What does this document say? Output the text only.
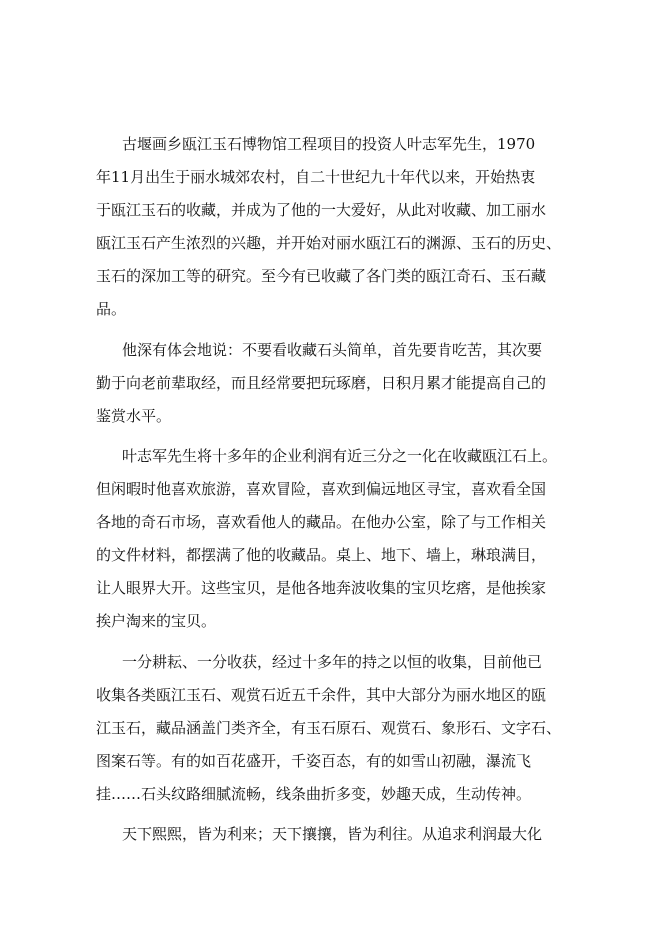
古堰画乡瓯江玉石博物馆工程项目的投资人叶志军先生，1970
年11月出生于丽水城郊农村，自二十世纪九十年代以来，开始热衷
于瓯江玉石的收藏，并成为了他的一大爱好，从此对收藏、加工丽水
瓯江玉石产生浓烈的兴趣，并开始对丽水瓯江石的渊源、玉石的历史、
玉石的深加工等的研究。至今有已收藏了各门类的瓯江奇石、玉石藏
品。
他深有体会地说：不要看收藏石头简单，首先要肯吃苦，其次要
勤于向老前辈取经，而且经常要把玩琢磨，日积月累才能提高自己的
鉴赏水平。
叶志军先生将十多年的企业利润有近三分之一化在收藏瓯江石上。
但闲暇时他喜欢旅游，喜欢冒险，喜欢到偏远地区寻宝，喜欢看全国
各地的奇石市场，喜欢看他人的藏品。在他办公室，除了与工作相关
的文件材料，都摆满了他的收藏品。桌上、地下、墙上，琳琅满目，
让人眼界大开。这些宝贝，是他各地奔波收集的宝贝圪瘩，是他挨家
挨户淘来的宝贝。
一分耕耘、一分收获，经过十多年的持之以恒的收集，目前他已
收集各类瓯江玉石、观赏石近五千余件，其中大部分为丽水地区的瓯
江玉石，藏品涵盖门类齐全，有玉石原石、观赏石、象形石、文字石、
图案石等。有的如百花盛开，千姿百态，有的如雪山初融，瀑流飞
挂……石头纹路细腻流畅，线条曲折多变，妙趣天成，生动传神。
天下熙熙，皆为利来；天下攘攘，皆为利往。从追求利润最大化
